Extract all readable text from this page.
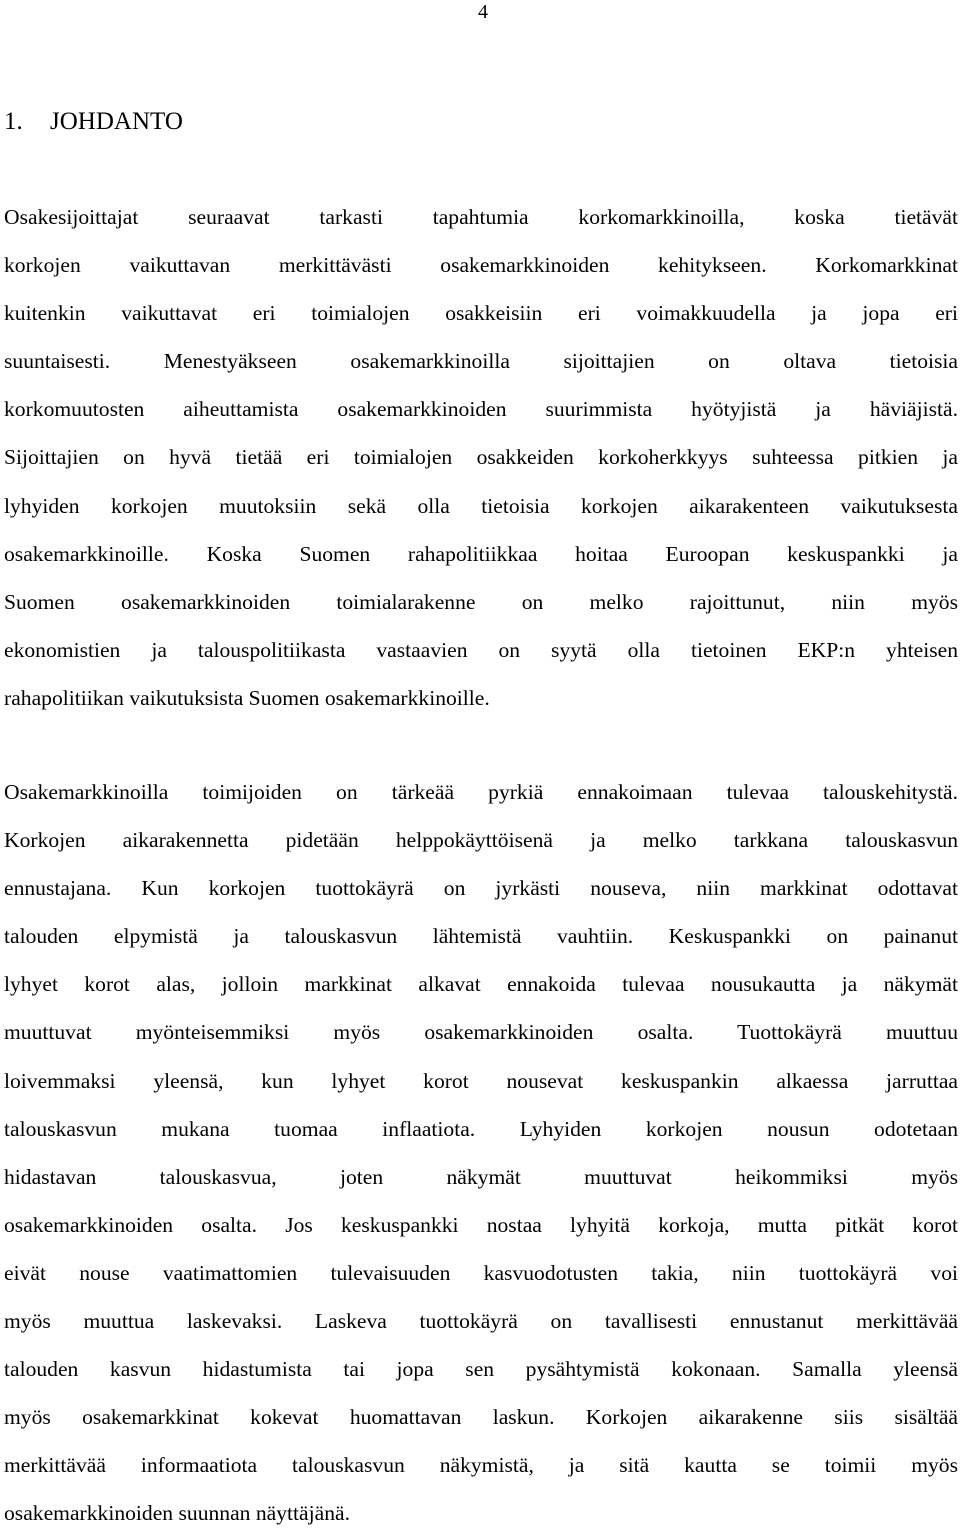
4
1. JOHDANTO
Osakesijoittajat seuraavat tarkasti tapahtumia korkomarkkinoilla, koska tietävät
korkojen vaikuttavan merkittävästi osakemarkkinoiden kehitykseen. Korkomarkkinat
kuitenkin vaikuttavat eri toimialojen osakkeisiin eri voimakkuudella ja jopa eri
suuntaisesti. Menestyäkseen osakemarkkinoilla sijoittajien on oltava tietoisia
korkomuutosten aiheuttamista osakemarkkinoiden suurimmista hyötyjistä ja häviäjistä.
Sijoittajien on hyvä tietää eri toimialojen osakkeiden korkoherkkyys suhteessa pitkien ja
lyhyiden korkojen muutoksiin sekä olla tietoisia korkojen aikarakenteen vaikutuksesta
osakemarkkinoille. Koska Suomen rahapolitiikkaa hoitaa Euroopan keskuspankki ja
Suomen osakemarkkinoiden toimialarakenne on melko rajoittunut, niin myös
ekonomistien ja talouspolitiikasta vastaavien on syytä olla tietoinen EKP:n yhteisen
rahapolitiikan vaikutuksista Suomen osakemarkkinoille.
Osakemarkkinoilla toimijoiden on tärkeää pyrkiä ennakoimaan tulevaa talouskehitystä.
Korkojen aikarakennetta pidetään helppokäyttöisenä ja melko tarkkana talouskasvun
ennustajana. Kun korkojen tuottokäyrä on jyrkästi nouseva, niin markkinat odottavat
talouden elpymistä ja talouskasvun lähtemistä vauhtiin. Keskuspankki on painanut
lyhyet korot alas, jolloin markkinat alkavat ennakoida tulevaa nousukautta ja näkymät
muuttuvat myönteisemmiksi myös osakemarkkinoiden osalta. Tuottokäyrä muuttuu
loivemmaksi yleensä, kun lyhyet korot nousevat keskuspankin alkaessa jarruttaa
talouskasvun mukana tuomaa inflaatiota. Lyhyiden korkojen nousun odotetaan
hidastavan talouskasvua, joten näkymät muuttuvat heikommiksi myös
osakemarkkinoiden osalta. Jos keskuspankki nostaa lyhyitä korkoja, mutta pitkät korot
eivät nouse vaatimattomien tulevaisuuden kasvuodotusten takia, niin tuottokäyrä voi
myös muuttua laskevaksi. Laskeva tuottokäyrä on tavallisesti ennustanut merkittävää
talouden kasvun hidastumista tai jopa sen pysähtymistä kokonaan. Samalla yleensä
myös osakemarkkinat kokevat huomattavan laskun. Korkojen aikarakenne siis sisältää
merkittävää informaatiota talouskasvun näkymistä, ja sitä kautta se toimii myös
osakemarkkinoiden suunnan näyttäjänä.
